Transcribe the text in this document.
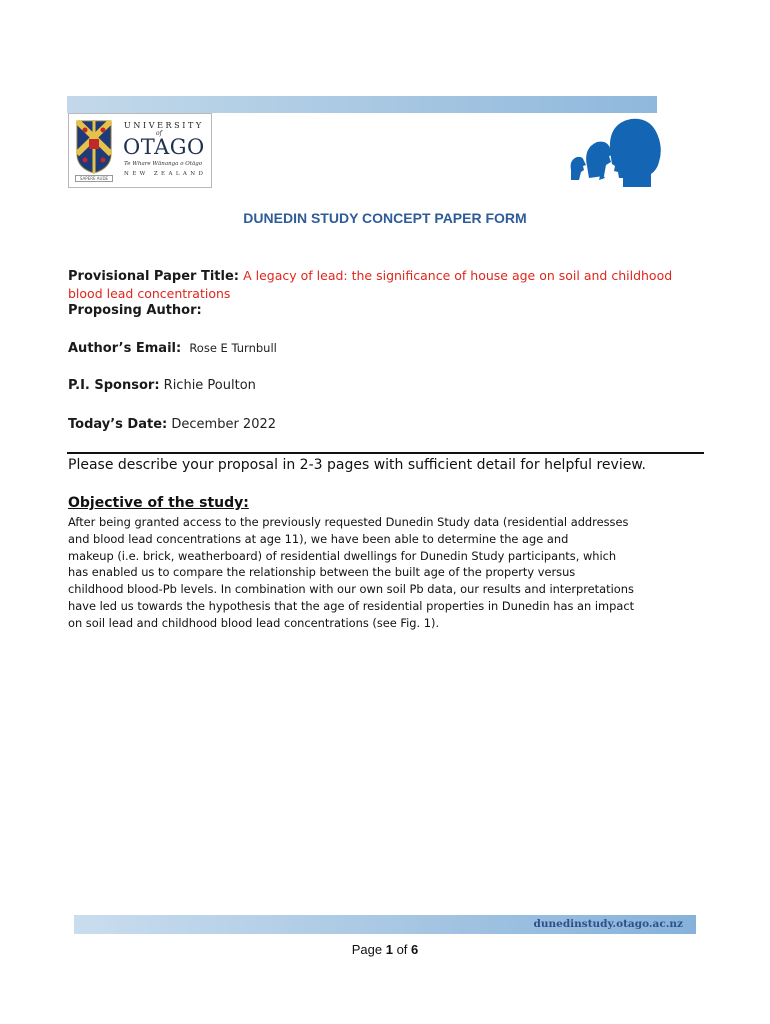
SAPERE AUDE
UNIVERSITY
of
OTAGO
Te Whare Wānanga o Otāgo
NEW ZEALAND
DUNEDIN STUDY CONCEPT PAPER FORM
Provisional Paper Title: A legacy of lead: the significance of house age on soil and childhood blood lead concentrations
Proposing Author:
Author’s Email: Rose E Turnbull
P.I. Sponsor: Richie Poulton
Today’s Date: December 2022
Please describe your proposal in 2-3 pages with sufficient detail for helpful review.
Objective of the study:
After being granted access to the previously requested Dunedin Study data (residential addresses
and blood lead concentrations at age 11), we have been able to determine the age and
makeup (i.e. brick, weatherboard) of residential dwellings for Dunedin Study participants, which
has enabled us to compare the relationship between the built age of the property versus
childhood blood-Pb levels. In combination with our own soil Pb data, our results and interpretations
have led us towards the hypothesis that the age of residential properties in Dunedin has an impact
on soil lead and childhood blood lead concentrations (see Fig. 1).
dunedinstudy.otago.ac.nz
Page 1 of 6
